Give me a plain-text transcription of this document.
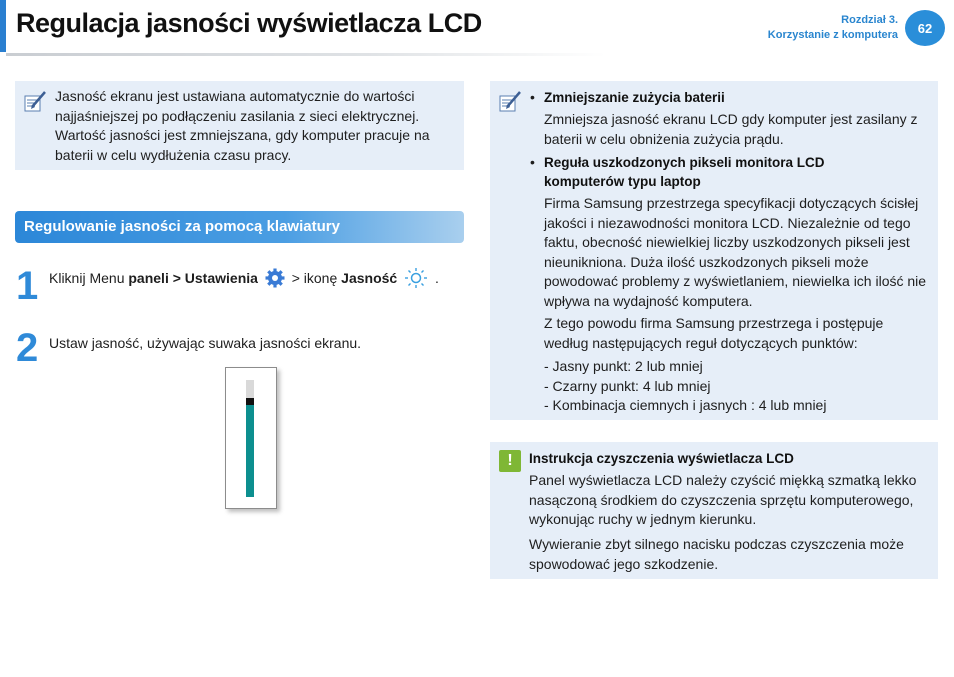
Regulacja jasności wyświetlacza LCD	Rozdział 3.
Korzystanie z komputera	62
Jasność ekranu jest ustawiana automatycznie do wartości najjaśniejszej po podłączeniu zasilania z sieci elektrycznej. Wartość jasności jest zmniejszana, gdy komputer pracuje na baterii w celu wydłużenia czasu pracy.
Regulowanie jasności za pomocą klawiatury
1 Kliknij Menu paneli > Ustawienia  > ikonę Jasność	.
2 Ustaw jasność, używając suwaka jasności ekranu.
• Zmniejszanie zużycia baterii
Zmniejsza jasność ekranu LCD gdy komputer jest zasilany z baterii w celu obniżenia zużycia prądu.
• Reguła uszkodzonych pikseli monitora LCD komputerów typu laptop
Firma Samsung przestrzega specyfikacji dotyczących ścisłej jakości i niezawodności monitora LCD. Niezależnie od tego faktu, obecność niewielkiej liczby uszkodzonych pikseli jest nieunikniona. Duża ilość uszkodzonych pikseli może powodować problemy z wyświetlaniem, niewielka ich ilość nie wpływa na wydajność komputera.
Z tego powodu firma Samsung przestrzega i postępuje według następujących reguł dotyczących punktów:
- Jasny punkt: 2 lub mniej
- Czarny punkt: 4 lub mniej
- Kombinacja ciemnych i jasnych : 4 lub mniej
Instrukcja czyszczenia wyświetlacza LCD
Panel wyświetlacza LCD należy czyścić miękką szmatką lekko nasączoną środkiem do czyszczenia sprzętu komputerowego, wykonując ruchy w jednym kierunku.
Wywieranie zbyt silnego nacisku podczas czyszczenia może spowodować jego szkodzenie.
!
